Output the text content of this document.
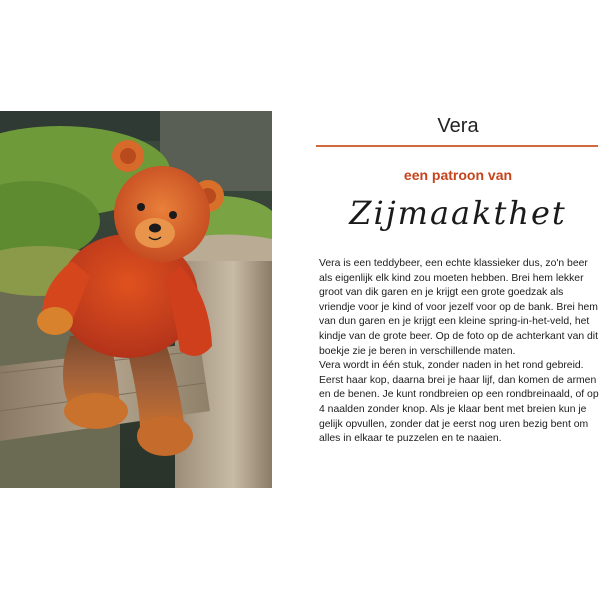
Vera
een patroon van
Zijmaakthet

Vera is een teddybeer, een echte klassieker dus, zo'n beer als eigenlijk elk kind zou moeten hebben. Brei hem lekker groot van dik garen en je krijgt een grote goedzak als vriendje voor je kind of voor jezelf voor op de bank. Brei hem van dun garen en je krijgt een kleine spring-in-het-veld, het kindje van de grote beer. Op de foto op de achterkant van dit boekje zie je beren in verschillende maten.

Vera wordt in één stuk, zonder naden in het rond gebreid. Eerst haar kop, daarna brei je haar lijf, dan komen de armen en de benen. Je kunt rondbreien op een rondbreinaald, of op 4 naalden zonder knop. Als je klaar bent met breien kun je gelijk opvullen, zonder dat je eerst nog uren bezig bent om alles in elkaar te puzzelen en te naaien.
